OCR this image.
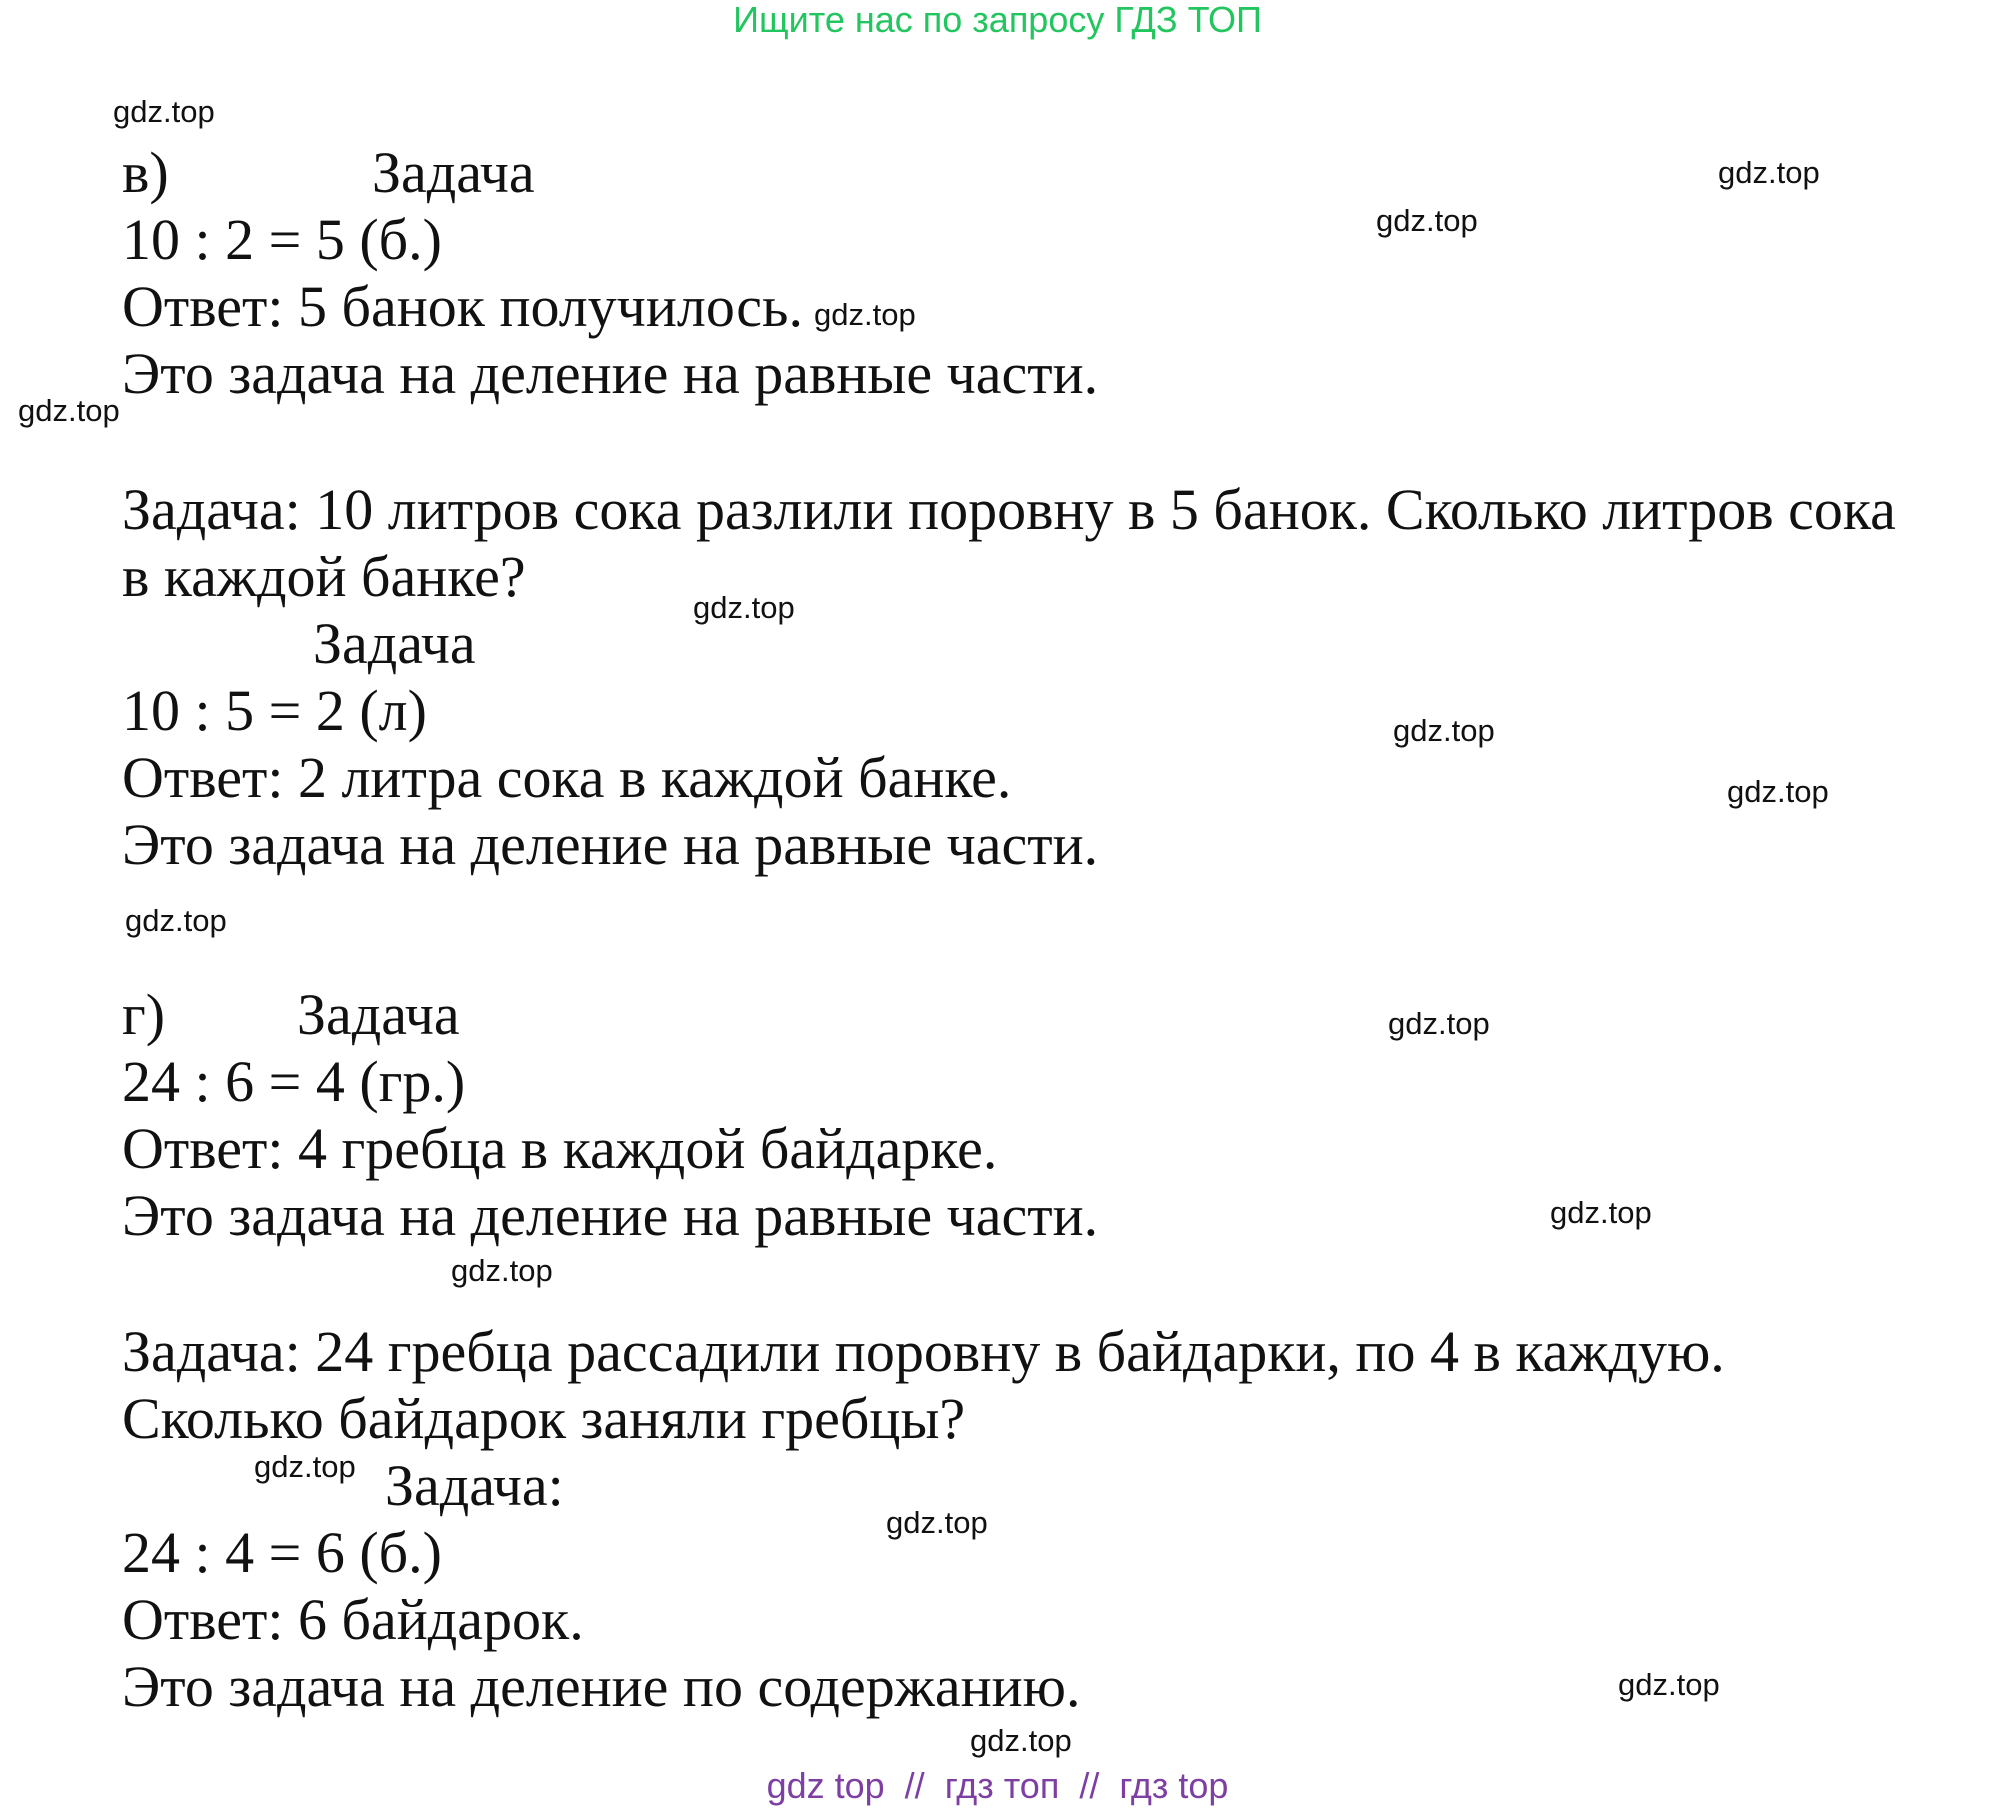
Ищите нас по запросу ГДЗ ТОП
в)	Задача
10 : 2 = 5 (б.)
Ответ: 5 банок получилось.
Это задача на деление на равные части.
Задача: 10 литров сока разлили поровну в 5 банок. Сколько литров сока
в каждой банке?
Задача
10 : 5 = 2 (л)
Ответ: 2 литра сока в каждой банке.
Это задача на деление на равные части.
г) Задача
24 : 6 = 4 (гр.)
Ответ: 4 гребца в каждой байдарке.
Это задача на деление на равные части.
Задача: 24 гребца рассадили поровну в байдарки, по 4 в каждую.
Сколько байдарок заняли гребцы?
Задача:
24 : 4 = 6 (б.)
Ответ: 6 байдарок.
Это задача на деление по содержанию.
gdz.top
gdz.top
gdz.top
gdz.top
gdz.top
gdz.top
gdz.top
gdz.top
gdz.top
gdz.top
gdz.top
gdz.top
gdz.top
gdz.top
gdz.top
gdz.top
gdz top // гдз топ // гдз top
